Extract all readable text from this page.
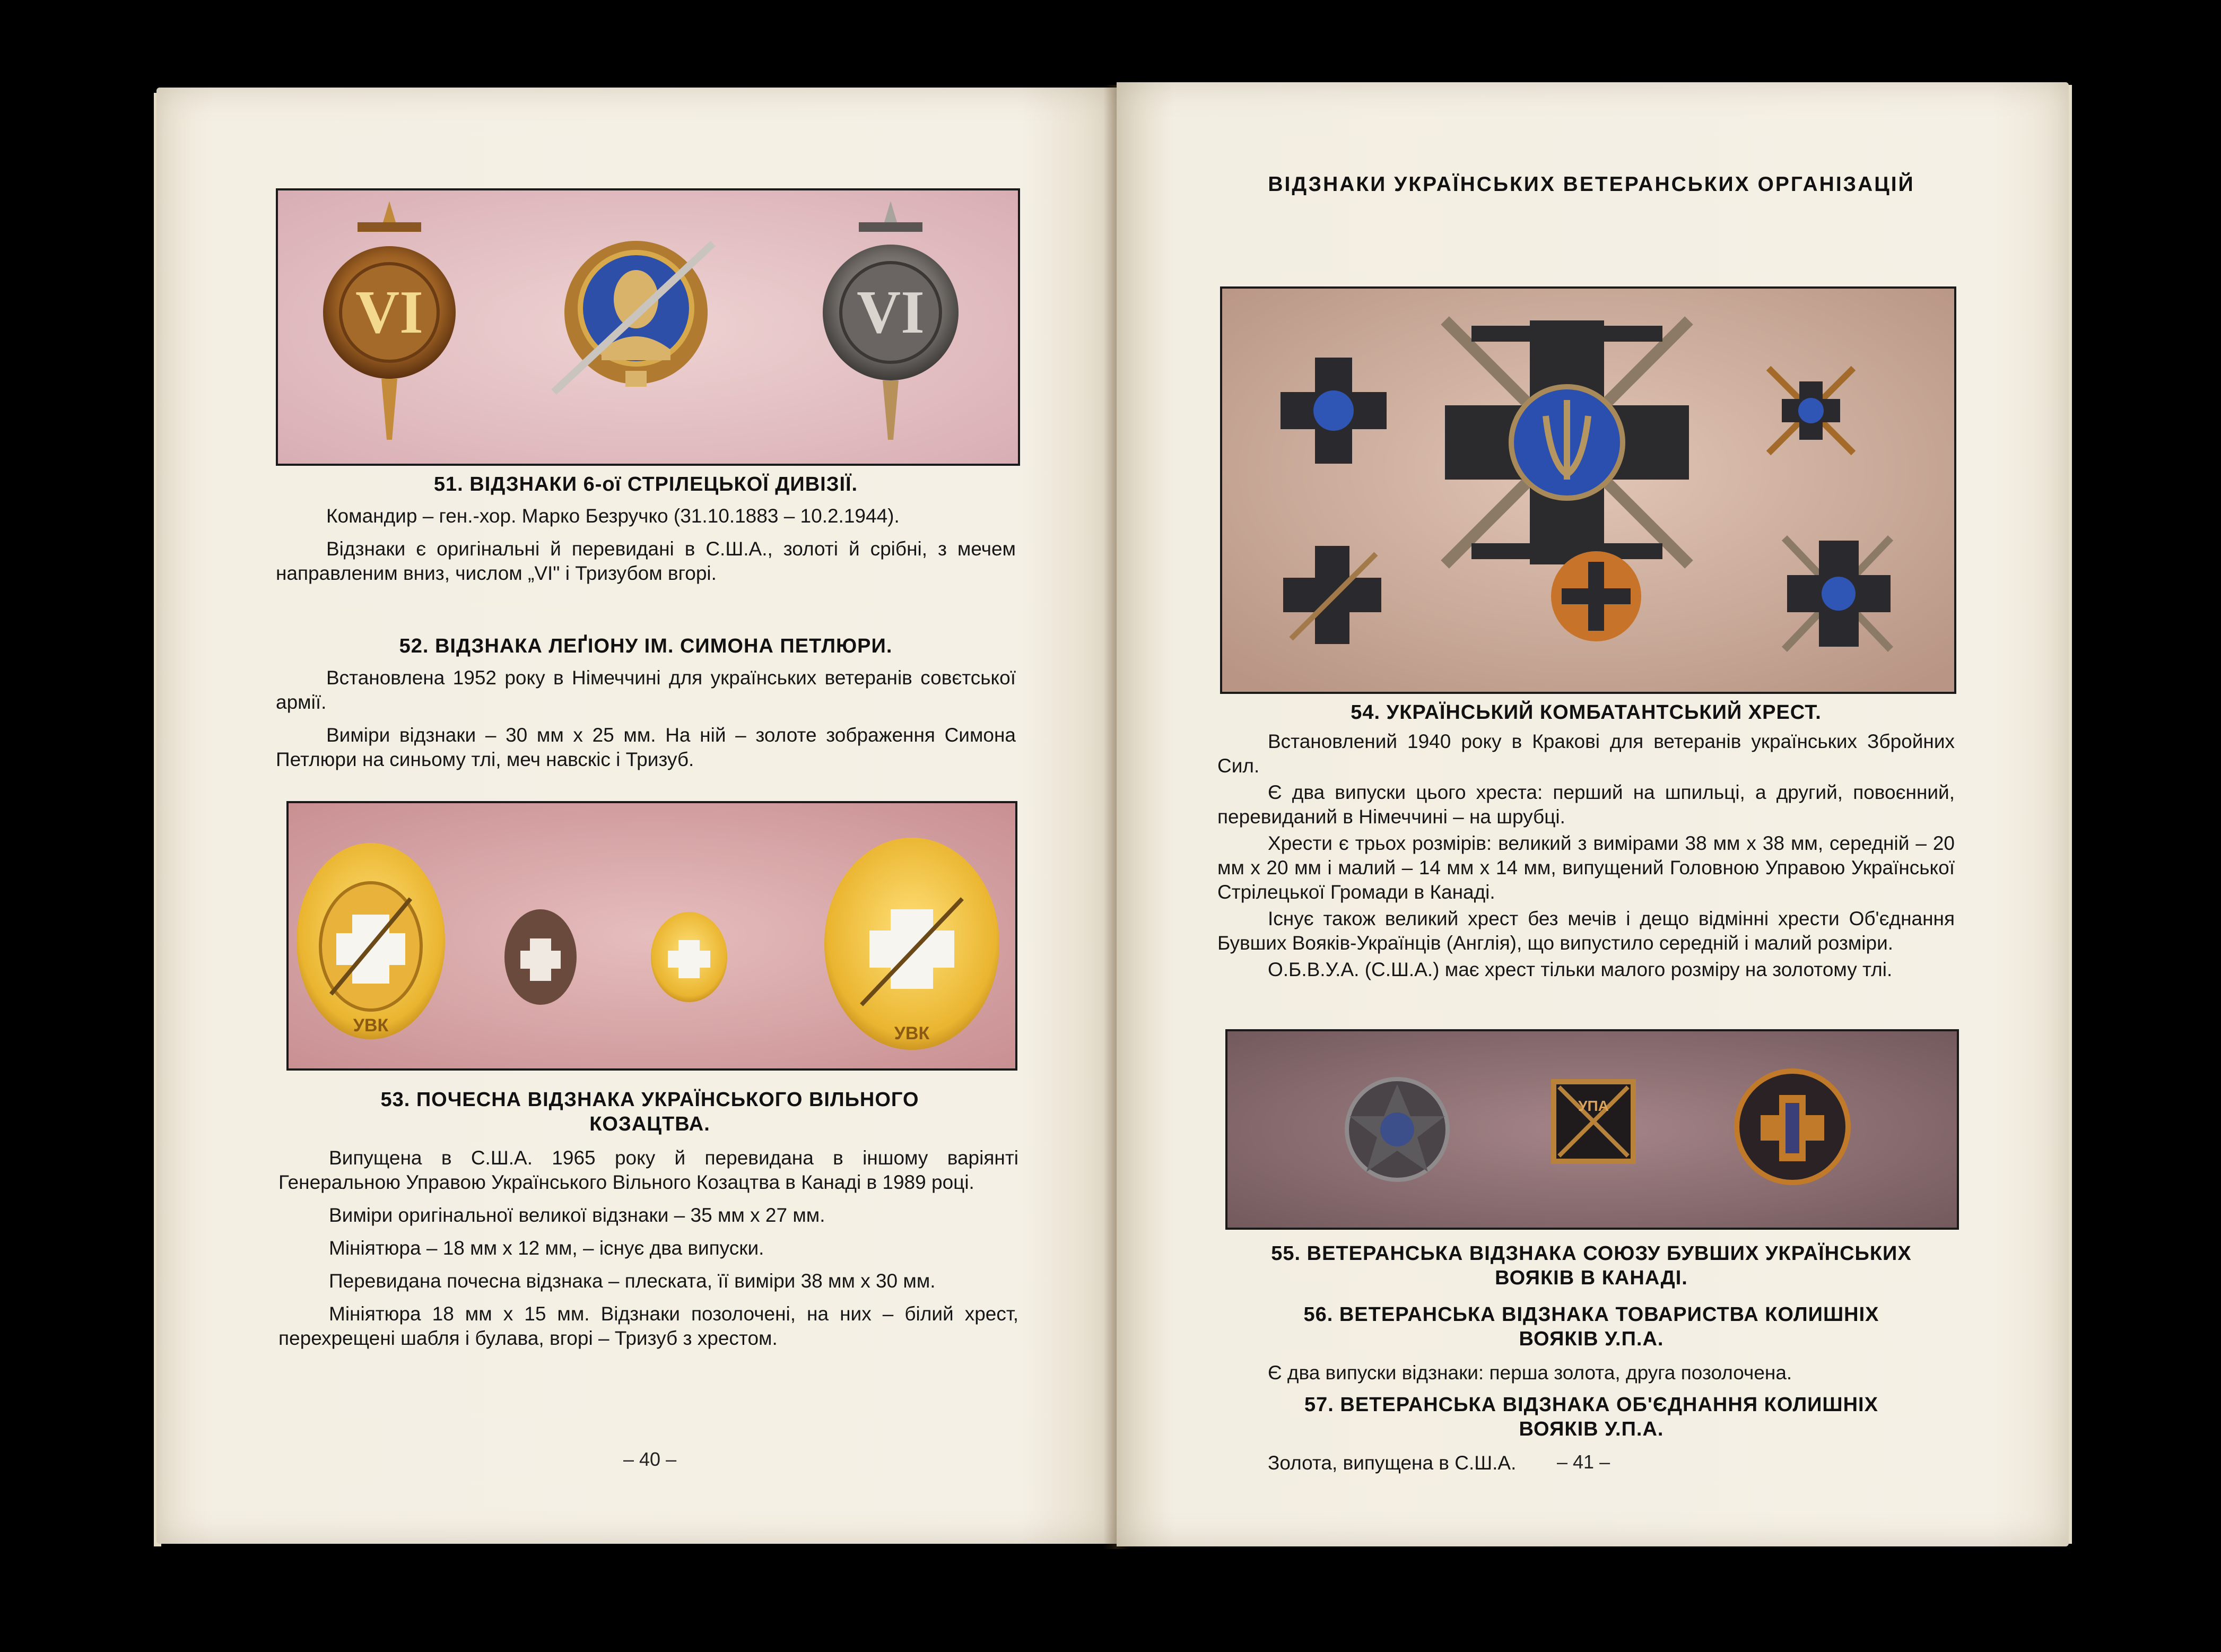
VI	VI
51. ВІДЗНАКИ 6-ої СТРІЛЕЦЬКОЇ ДИВІЗІЇ.

Командир – ген.-хор. Марко Безручко (31.10.1883 – 10.2.1944).

Відзнаки є оригінальні й перевидані в С.Ш.А., золоті й срібні, з мечем направленим вниз, числом „VI" і Тризубом вгорі.

52. ВІДЗНАКА ЛЕҐІОНУ ІМ. СИМОНА ПЕТЛЮРИ.

Встановлена 1952 року в Німеччині для українських ветеранів совєтської армії.

Виміри відзнаки – 30 мм х 25 мм. На ній – золоте зображення Симона Петлюри на синьому тлі, меч навскіс і Тризуб.

УВК	УВК
53. ПОЧЕСНА ВІДЗНАКА УКРАЇНСЬКОГО ВІЛЬНОГО КОЗАЦТВА.

Випущена в С.Ш.А. 1965 року й перевидана в іншому варіянті Генеральною Управою Українського Вільного Козацтва в Канаді в 1989 році.

Виміри оригінальної великої відзнаки – 35 мм х 27 мм.

Мініятюра – 18 мм х 12 мм, – існує два випуски.

Перевидана почесна відзнака – плескатa, її виміри 38 мм х 30 мм.

Мініятюра 18 мм х 15 мм. Відзнаки позолочені, на них – білий хрест, перехрещені шабля і булава, вгорі – Тризуб з хрестом.

– 40 –
ВІДЗНАКИ УКРАЇНСЬКИХ ВЕТЕРАНСЬКИХ ОРГАНІЗАЦІЙ
54. УКРАЇНСЬКИЙ КОМБАТАНТСЬКИЙ ХРЕСТ.

Встановлений 1940 року в Кракові для ветеранів українських Збройних Сил.

Є два випуски цього хреста: перший на шпильці, а другий, повоєнний, перевиданий в Німеччині – на шрубці.

Хрести є трьох розмірів: великий з вимірами 38 мм х 38 мм, середній – 20 мм х 20 мм і малий – 14 мм х 14 мм, випущений Головною Управою Української Стрілецької Громади в Канаді.

Існує також великий хрест без мечів і дещо відмінні хрести Об'єднання Бувших Вояків-Українців (Англія), що випустило середній і малий розміри.

О.Б.В.У.А. (С.Ш.А.) має хрест тільки малого розміру на золотому тлі.

УПА
55. ВЕТЕРАНСЬКА ВІДЗНАКА СОЮЗУ БУВШИХ УКРАЇНСЬКИХ ВОЯКІВ В КАНАДІ.
56. ВЕТЕРАНСЬКА ВІДЗНАКА ТОВАРИСТВА КОЛИШНІХ ВОЯКІВ У.П.А.

Є два випуски відзнаки: перша золота, друга позолочена.

57. ВЕТЕРАНСЬКА ВІДЗНАКА ОБ'ЄДНАННЯ КОЛИШНІХ ВОЯКІВ У.П.А.

Золота, випущена в С.Ш.А.	– 41 –
